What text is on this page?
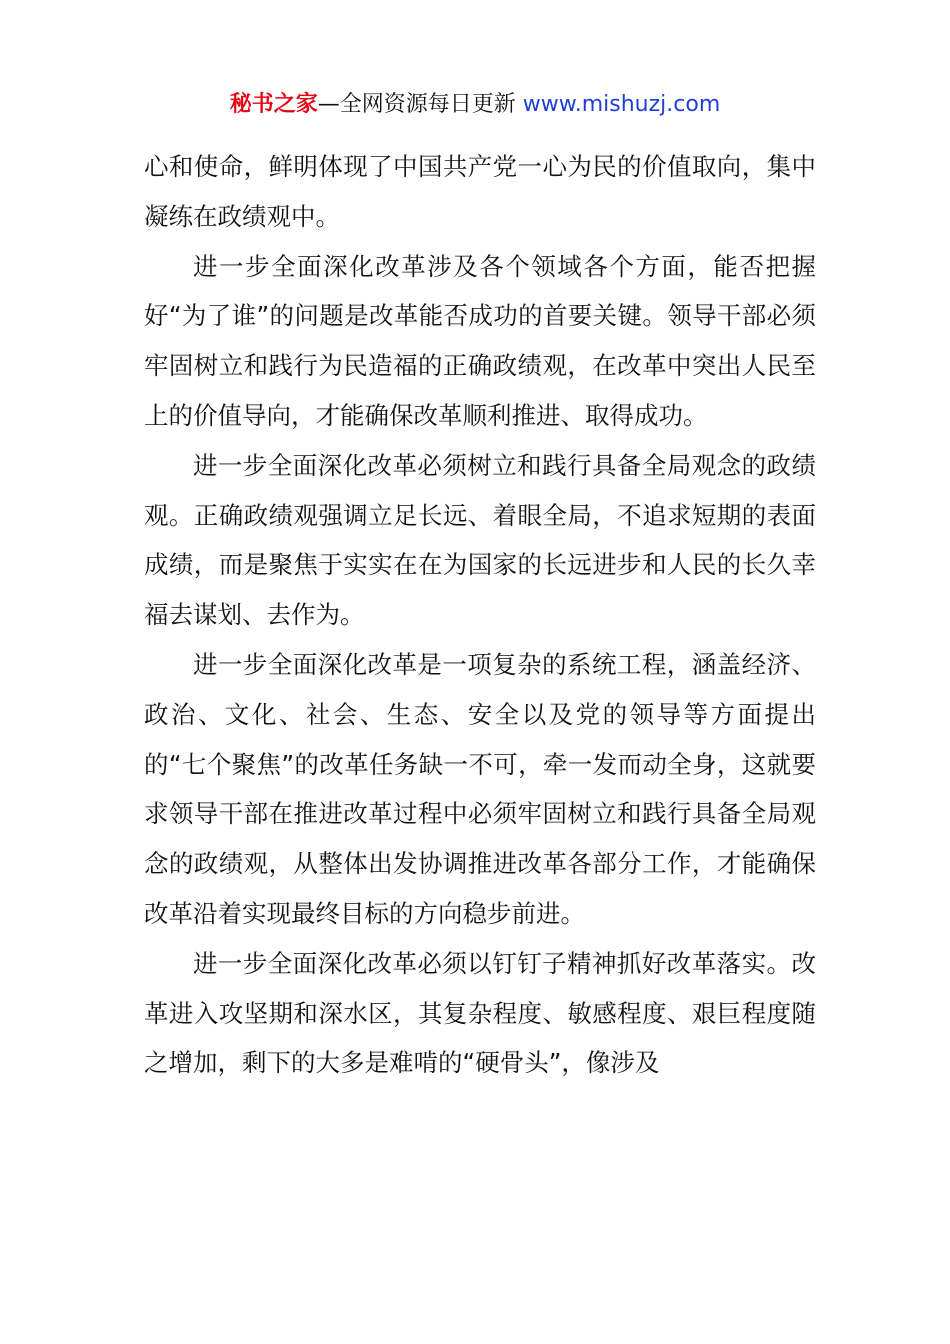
秘书之家—全网资源每日更新 www.mishuzj.com

心和使命，鲜明体现了中国共产党一心为民的价值取向，集中凝练在政绩观中。

进一步全面深化改革涉及各个领域各个方面，能否把握好“为了谁”的问题是改革能否成功的首要关键。领导干部必须牢固树立和践行为民造福的正确政绩观，在改革中突出人民至上的价值导向，才能确保改革顺利推进、取得成功。

进一步全面深化改革必须树立和践行具备全局观念的政绩观。正确政绩观强调立足长远、着眼全局，不追求短期的表面成绩，而是聚焦于实实在在为国家的长远进步和人民的长久幸福去谋划、去作为。

进一步全面深化改革是一项复杂的系统工程，涵盖经济、政治、文化、社会、生态、安全以及党的领导等方面提出的“七个聚焦”的改革任务缺一不可，牵一发而动全身，这就要求领导干部在推进改革过程中必须牢固树立和践行具备全局观念的政绩观，从整体出发协调推进改革各部分工作，才能确保改革沿着实现最终目标的方向稳步前进。

进一步全面深化改革必须以钉钉子精神抓好改革落实。改革进入攻坚期和深水区，其复杂程度、敏感程度、艰巨程度随之增加，剩下的大多是难啃的“硬骨头”，像涉及
